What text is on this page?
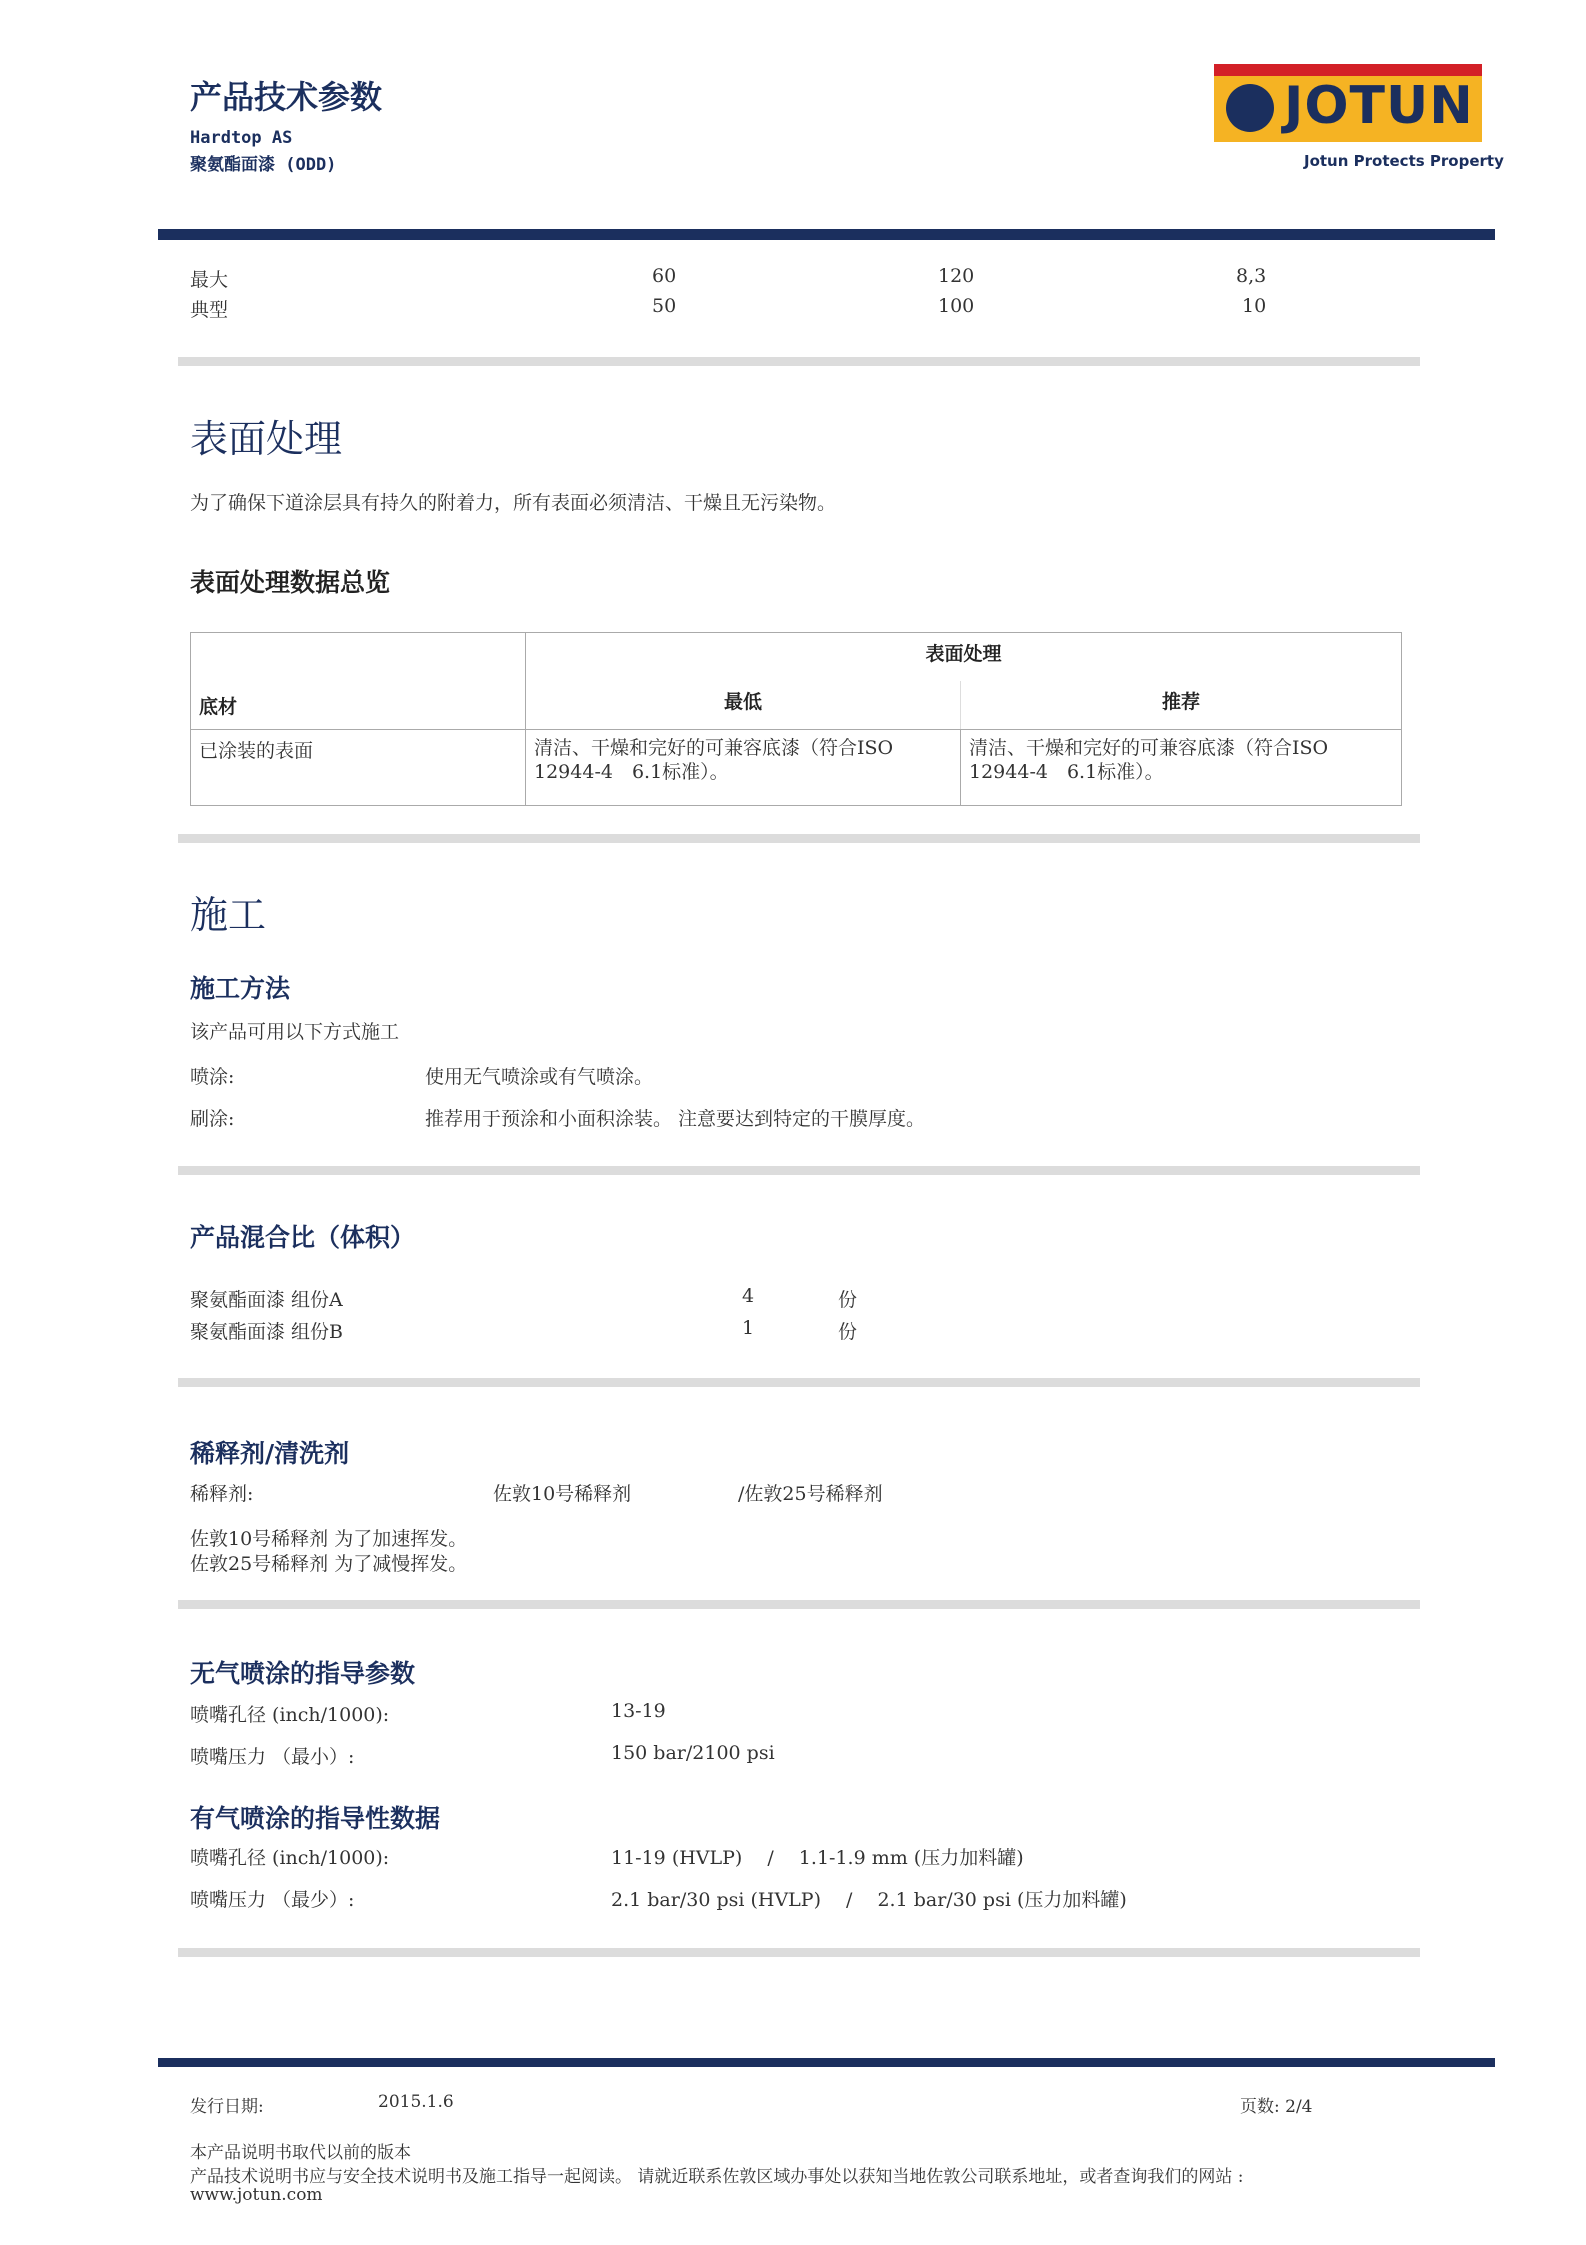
产品技术参数
Hardtop AS
聚氨酯面漆 (ODD)
JOTUN
Jotun Protects Property
最大	60	120	8,3
典型	50	100	10
表面处理
为了确保下道涂层具有持久的附着力，所有表面必须清洁、干燥且无污染物。
表面处理数据总览
底材	表面处理	
	最低	推荐
已涂装的表面	清洁、干燥和完好的可兼容底漆（符合ISO 12944-4　6.1标准）。	清洁、干燥和完好的可兼容底漆（符合ISO 12944-4　6.1标准）。
施工
施工方法
该产品可用以下方式施工
喷涂:	使用无气喷涂或有气喷涂。
刷涂:	推荐用于预涂和小面积涂装。 注意要达到特定的干膜厚度。
产品混合比（体积）
聚氨酯面漆 组份A	4	份
聚氨酯面漆 组份B	1	份
稀释剂/清洗剂
稀释剂:	佐敦10号稀释剂	/佐敦25号稀释剂
佐敦10号稀释剂 为了加速挥发。
佐敦25号稀释剂 为了减慢挥发。
无气喷涂的指导参数
喷嘴孔径 (inch/1000):	13-19
喷嘴压力 （最小）:	150 bar/2100 psi
有气喷涂的指导性数据
喷嘴孔径 (inch/1000):	11-19 (HVLP)　 /　 1.1-1.9 mm (压力加料罐)
喷嘴压力 （最少）:	2.1 bar/30 psi (HVLP)　 /　 2.1 bar/30 psi (压力加料罐)
发行日期:	2015.1.6	页数: 2/4
本产品说明书取代以前的版本
产品技术说明书应与安全技术说明书及施工指导一起阅读。 请就近联系佐敦区域办事处以获知当地佐敦公司联系地址，或者查询我们的网站 :
www.jotun.com
